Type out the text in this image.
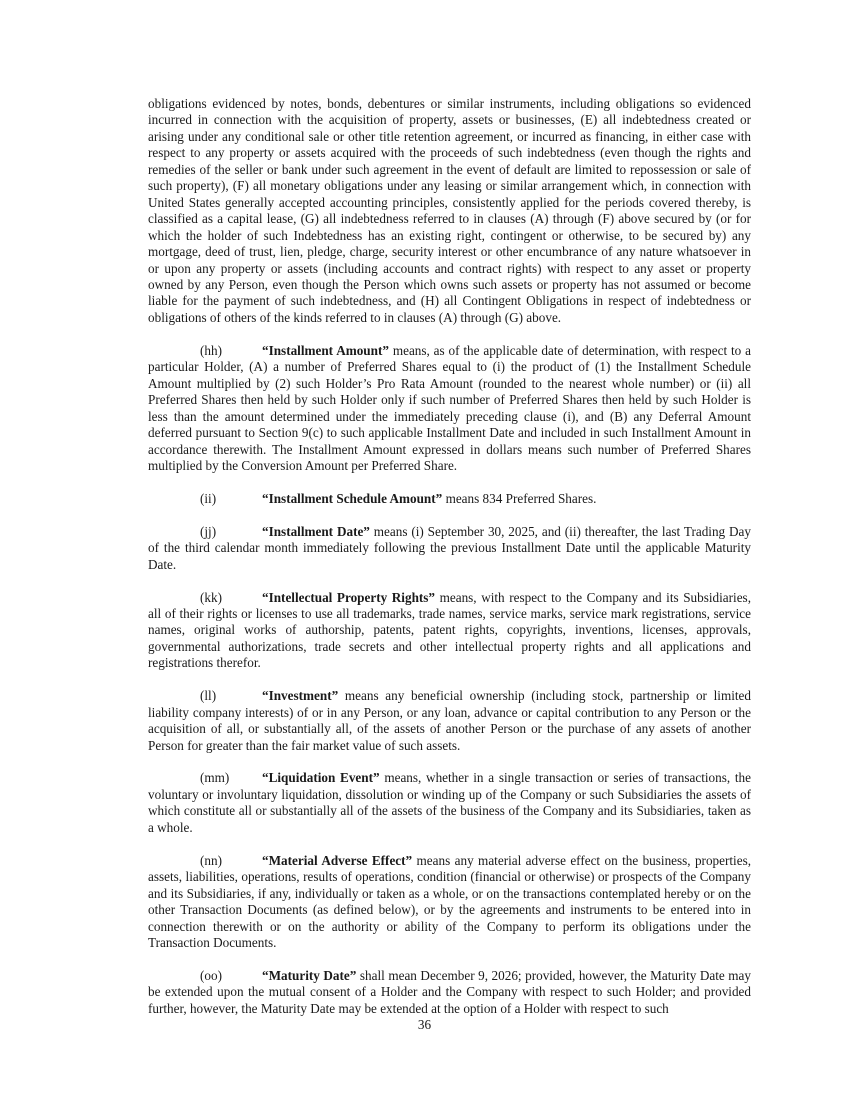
obligations evidenced by notes, bonds, debentures or similar instruments, including obligations so evidenced incurred in connection with the acquisition of property, assets or businesses, (E) all indebtedness created or arising under any conditional sale or other title retention agreement, or incurred as financing, in either case with respect to any property or assets acquired with the proceeds of such indebtedness (even though the rights and remedies of the seller or bank under such agreement in the event of default are limited to repossession or sale of such property), (F) all monetary obligations under any leasing or similar arrangement which, in connection with United States generally accepted accounting principles, consistently applied for the periods covered thereby, is classified as a capital lease, (G) all indebtedness referred to in clauses (A) through (F) above secured by (or for which the holder of such Indebtedness has an existing right, contingent or otherwise, to be secured by) any mortgage, deed of trust, lien, pledge, charge, security interest or other encumbrance of any nature whatsoever in or upon any property or assets (including accounts and contract rights) with respect to any asset or property owned by any Person, even though the Person which owns such assets or property has not assumed or become liable for the payment of such indebtedness, and (H) all Contingent Obligations in respect of indebtedness or obligations of others of the kinds referred to in clauses (A) through (G) above.

(hh)	“Installment Amount” means, as of the applicable date of determination, with respect to a particular Holder, (A) a number of Preferred Shares equal to (i) the product of (1) the Installment Schedule Amount multiplied by (2) such Holder’s Pro Rata Amount (rounded to the nearest whole number) or (ii) all Preferred Shares then held by such Holder only if such number of Preferred Shares then held by such Holder is less than the amount determined under the immediately preceding clause (i), and (B) any Deferral Amount deferred pursuant to Section 9(c) to such applicable Installment Date and included in such Installment Amount in accordance therewith. The Installment Amount expressed in dollars means such number of Preferred Shares multiplied by the Conversion Amount per Preferred Share.

(ii)	“Installment Schedule Amount” means 834 Preferred Shares.

(jj)	“Installment Date” means (i) September 30, 2025, and (ii) thereafter, the last Trading Day of the third calendar month immediately following the previous Installment Date until the applicable Maturity Date.

(kk)	“Intellectual Property Rights” means, with respect to the Company and its Subsidiaries, all of their rights or licenses to use all trademarks, trade names, service marks, service mark registrations, service names, original works of authorship, patents, patent rights, copyrights, inventions, licenses, approvals, governmental authorizations, trade secrets and other intellectual property rights and all applications and registrations therefor.

(ll)	“Investment” means any beneficial ownership (including stock, partnership or limited liability company interests) of or in any Person, or any loan, advance or capital contribution to any Person or the acquisition of all, or substantially all, of the assets of another Person or the purchase of any assets of another Person for greater than the fair market value of such assets.

(mm) “Liquidation Event” means, whether in a single transaction or series of transactions, the voluntary or involuntary liquidation, dissolution or winding up of the Company or such Subsidiaries the assets of which constitute all or substantially all of the assets of the business of the Company and its Subsidiaries, taken as a whole.

(nn)	“Material Adverse Effect” means any material adverse effect on the business, properties, assets, liabilities, operations, results of operations, condition (financial or otherwise) or prospects of the Company and its Subsidiaries, if any, individually or taken as a whole, or on the transactions contemplated hereby or on the other Transaction Documents (as defined below), or by the agreements and instruments to be entered into in connection therewith or on the authority or ability of the Company to perform its obligations under the Transaction Documents.

(oo)	“Maturity Date” shall mean December 9, 2026; provided, however, the Maturity Date may be extended upon the mutual consent of a Holder and the Company with respect to such Holder; and provided further, however, the Maturity Date may be extended at the option of a Holder with respect to such

36
